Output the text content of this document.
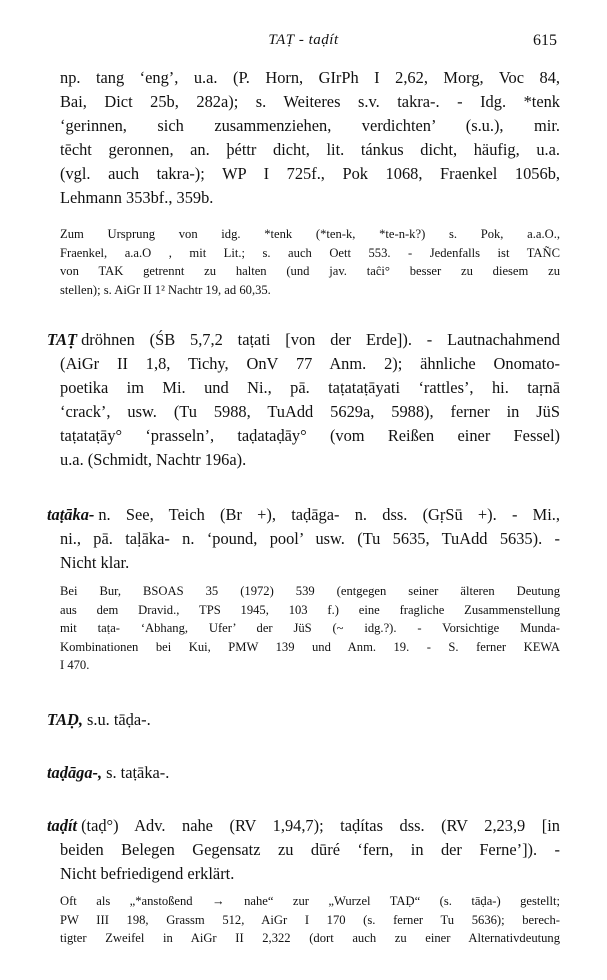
TAṬ - taḍít	615
np. tang ‘eng’, u.a. (P. Horn, GIrPh I 2,62, Morg, Voc 84,
Bai, Dict 25b, 282a); s. Weiteres s.v. takra-. - Idg. *tenk
‘gerinnen, sich zusammenziehen, verdichten’ (s.u.), mir.
tēcht geronnen, an. þéttr dicht, lit. tánkus dicht, häufig, u.a.
(vgl. auch takra-); WP I 725f., Pok 1068, Fraenkel 1056b,
Lehmann 353bf., 359b.
Zum Ursprung von idg. *tenk (*ten-k, *te-n-k?) s. Pok, a.a.O.,
Fraenkel, a.a.O , mit Lit.; s. auch Oett 553. - Jedenfalls ist TAÑC
von TAK getrennt zu halten (und jav. taĉi° besser zu diesem zu
stellen); s. AiGr II 1² Nachtr 19, ad 60,35.
TAṬ dröhnen (ŚB 5,7,2 taṭati [von der Erde]). - Lautnachahmend
(AiGr II 1,8, Tichy, OnV 77 Anm. 2); ähnliche Onomato-
poetika im Mi. und Ni., pā. taṭataṭāyati ‘rattles’, hi. taṛnā
‘crack’, usw. (Tu 5988, TuAdd 5629a, 5988), ferner in JüS
taṭataṭāy° ‘prasseln’, taḍataḍāy° (vom Reißen einer Fessel)
u.a. (Schmidt, Nachtr 196a).
taṭāka- n. See, Teich (Br +), taḍāga- n. dss. (GṛSū +). - Mi.,
ni., pā. taḷāka- n. ‘pound, pool’ usw. (Tu 5635, TuAdd 5635). -
Nicht klar.
Bei Bur, BSOAS 35 (1972) 539 (entgegen seiner älteren Deutung
aus dem Dravid., TPS 1945, 103 f.) eine fragliche Zusammenstellung
mit taṭa- ‘Abhang, Ufer’ der JüS (~ idg.?). - Vorsichtige Munda-
Kombinationen bei Kui, PMW 139 und Anm. 19. - S. ferner KEWA
I 470.
TAḌ, s.u. tāḍa-.
taḍāga-, s. taṭāka-.
taḍít (taḍ°) Adv. nahe (RV 1,94,7); taḍítas dss. (RV 2,23,9 [in
beiden Belegen Gegensatz zu dūré ‘fern, in der Ferne’]). -
Nicht befriedigend erklärt.
Oft als „*anstoßend → nahe“ zur „Wurzel TAḌ“ (s. tāḍa-) gestellt;
PW III 198, Grassm 512, AiGr I 170 (s. ferner Tu 5636); berech-
tigter Zweifel in AiGr II 2,322 (dort auch zu einer Alternativdeutung
